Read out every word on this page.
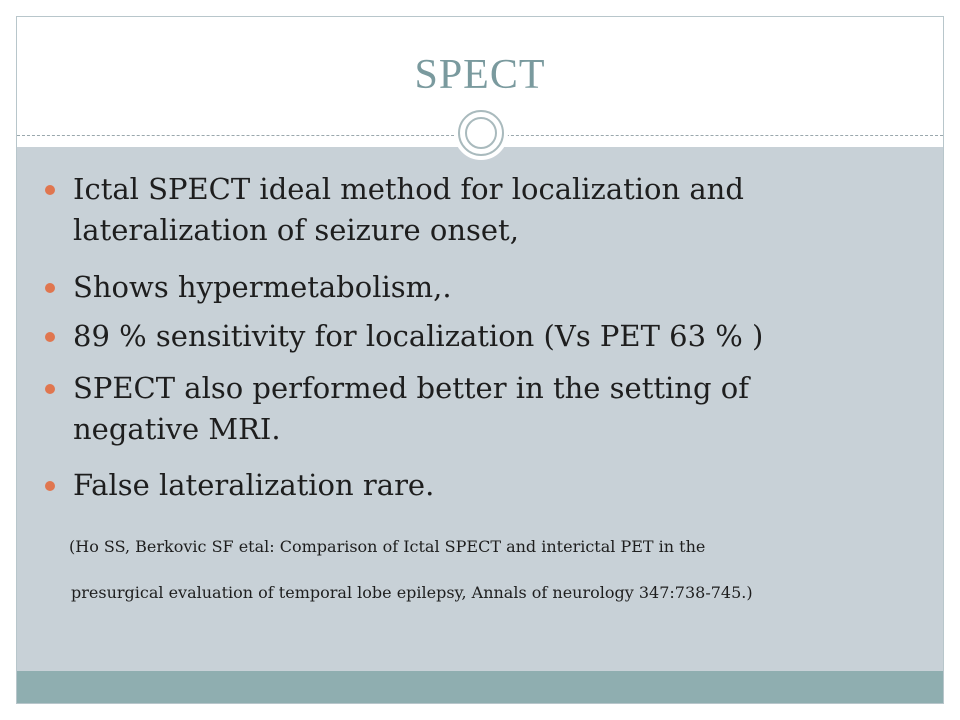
SPECT
Ictal SPECT ideal method for localization and
lateralization of seizure onset,
Shows hypermetabolism,.
89 % sensitivity for localization (Vs PET 63 % )
SPECT also performed better in the setting of
negative MRI.
False lateralization rare.

(Ho SS, Berkovic SF etal: Comparison of Ictal SPECT and interictal PET in the

presurgical evaluation of temporal lobe epilepsy, Annals of neurology 347:738-745.)
